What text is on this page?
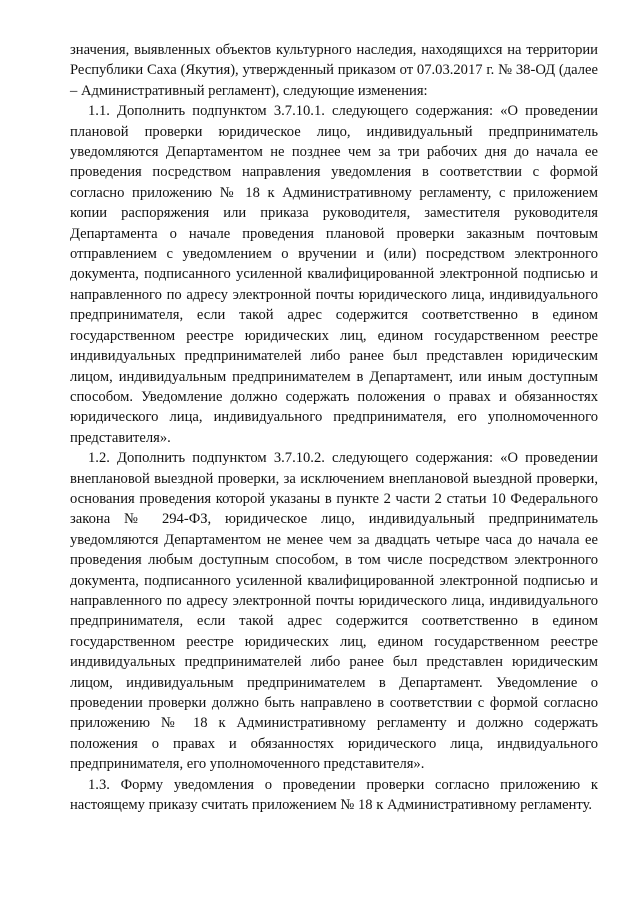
значения, выявленных объектов культурного наследия, находящихся на территории Республики Саха (Якутия), утвержденный приказом от 07.03.2017 г. № 38-ОД (далее – Административный регламент), следующие изменения:

1.1. Дополнить подпунктом 3.7.10.1. следующего содержания: «О проведении плановой проверки юридическое лицо, индивидуальный предприниматель уведомляются Департаментом не позднее чем за три рабочих дня до начала ее проведения посредством направления уведомления в соответствии с формой согласно приложению № 18 к Административному регламенту, с приложением копии распоряжения или приказа руководителя, заместителя руководителя Департамента о начале проведения плановой проверки заказным почтовым отправлением с уведомлением о вручении и (или) посредством электронного документа, подписанного усиленной квалифицированной электронной подписью и направленного по адресу электронной почты юридического лица, индивидуального предпринимателя, если такой адрес содержится соответственно в едином государственном реестре юридических лиц, едином государственном реестре индивидуальных предпринимателей либо ранее был представлен юридическим лицом, индивидуальным предпринимателем в Департамент, или иным доступным способом. Уведомление должно содержать положения о правах и обязанностях юридического лица, индивидуального предпринимателя, его уполномоченного представителя».

1.2. Дополнить подпунктом 3.7.10.2. следующего содержания: «О проведении внеплановой выездной проверки, за исключением внеплановой выездной проверки, основания проведения которой указаны в пункте 2 части 2 статьи 10 Федерального закона № 294-ФЗ, юридическое лицо, индивидуальный предприниматель уведомляются Департаментом не менее чем за двадцать четыре часа до начала ее проведения любым доступным способом, в том числе посредством электронного документа, подписанного усиленной квалифицированной электронной подписью и направленного по адресу электронной почты юридического лица, индивидуального предпринимателя, если такой адрес содержится соответственно в едином государственном реестре юридических лиц, едином государственном реестре индивидуальных предпринимателей либо ранее был представлен юридическим лицом, индивидуальным предпринимателем в Департамент. Уведомление о проведении проверки должно быть направлено в соответствии с формой согласно приложению № 18 к Административному регламенту и должно содержать положения о правах и обязанностях юридического лица, индвидуального предпринимателя, его уполномоченного представителя».

1.3. Форму уведомления о проведении проверки согласно приложению к настоящему приказу считать приложением № 18 к Административному регламенту.
